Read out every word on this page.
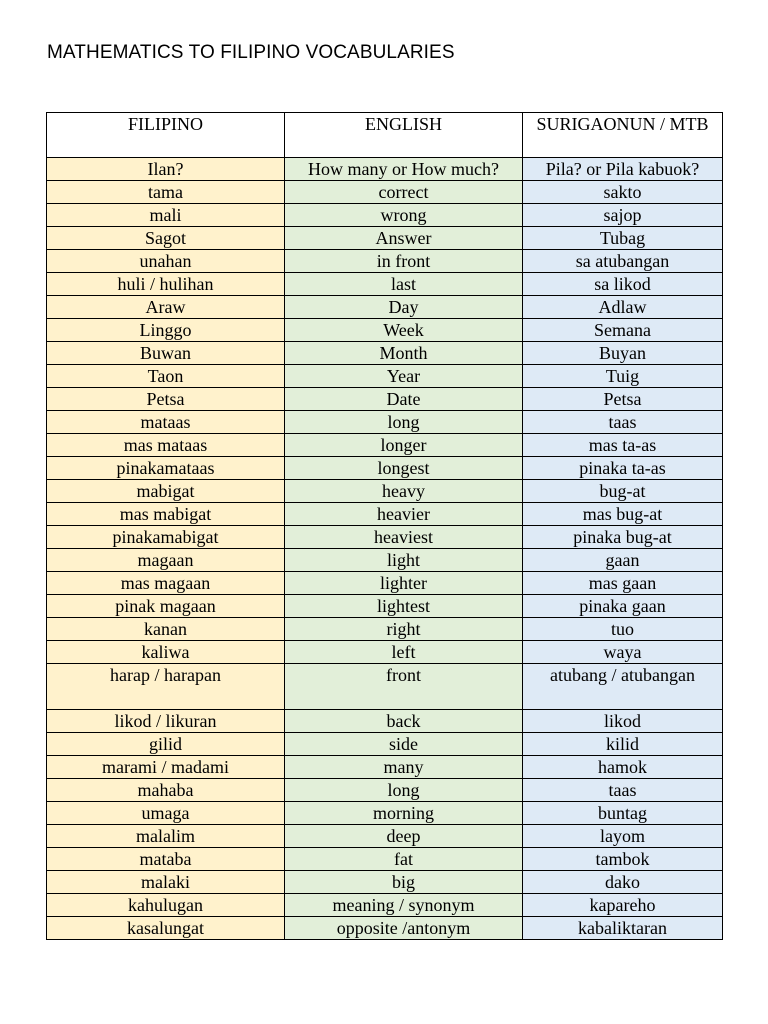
MATHEMATICS TO FILIPINO VOCABULARIES
FILIPINO	ENGLISH	SURIGAONUN / MTB
Ilan?	How many or How much?	Pila? or Pila kabuok?
tama	correct	sakto
mali	wrong	sajop
Sagot	Answer	Tubag
unahan	in front	sa atubangan
huli / hulihan	last	sa likod
Araw	Day	Adlaw
Linggo	Week	Semana
Buwan	Month	Buyan
Taon	Year	Tuig
Petsa	Date	Petsa
mataas	long	taas
mas mataas	longer	mas ta-as
pinakamataas	longest	pinaka ta-as
mabigat	heavy	bug-at
mas mabigat	heavier	mas bug-at
pinakamabigat	heaviest	pinaka bug-at
magaan	light	gaan
mas magaan	lighter	mas gaan
pinak magaan	lightest	pinaka gaan
kanan	right	tuo
kaliwa	left	waya
harap / harapan	front	atubang / atubangan
likod / likuran	back	likod
gilid	side	kilid
marami / madami	many	hamok
mahaba	long	taas
umaga	morning	buntag
malalim	deep	layom
mataba	fat	tambok
malaki	big	dako
kahulugan	meaning / synonym	kapareho
kasalungat	opposite /antonym	kabaliktaran
